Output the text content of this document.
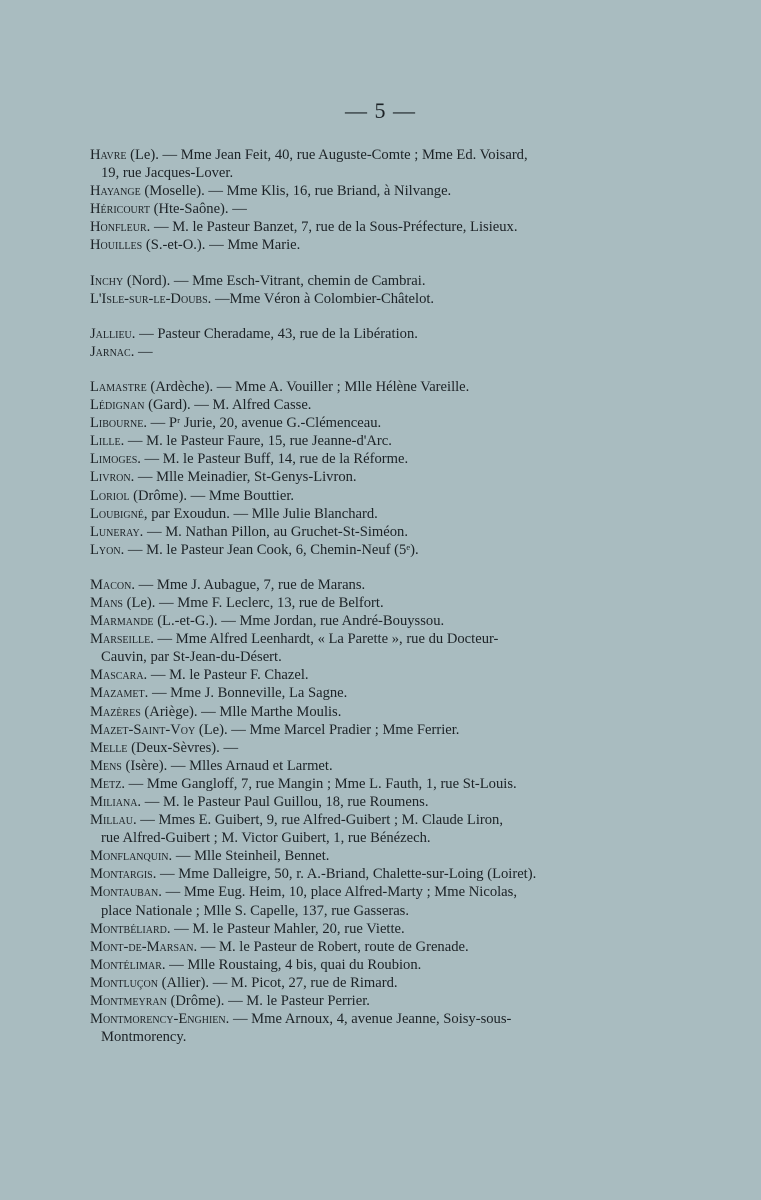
— 5 —
Havre (Le). — Mme Jean Feit, 40, rue Auguste-Comte ; Mme Ed. Voisard,
19, rue Jacques-Lover.
Hayange (Moselle). — Mme Klis, 16, rue Briand, à Nilvange.
Héricourt (Hte-Saône). —
Honfleur. — M. le Pasteur Banzet, 7, rue de la Sous-Préfecture, Lisieux.
Houilles (S.-et-O.). — Mme Marie.
Inchy (Nord). — Mme Esch-Vitrant, chemin de Cambrai.
L'Isle-sur-le-Doubs. —Mme Véron à Colombier-Châtelot.
Jallieu. — Pasteur Cheradame, 43, rue de la Libération.
Jarnac. —
Lamastre (Ardèche). — Mme A. Vouiller ; Mlle Hélène Vareille.
Lédignan (Gard). — M. Alfred Casse.
Libourne. — Pʳ Jurie, 20, avenue G.-Clémenceau.
Lille. — M. le Pasteur Faure, 15, rue Jeanne-d'Arc.
Limoges. — M. le Pasteur Buff, 14, rue de la Réforme.
Livron. — Mlle Meinadier, St-Genys-Livron.
Loriol (Drôme). — Mme Bouttier.
Loubigné, par Exoudun. — Mlle Julie Blanchard.
Luneray. — M. Nathan Pillon, au Gruchet-St-Siméon.
Lyon. — M. le Pasteur Jean Cook, 6, Chemin-Neuf (5ᵉ).
Macon. — Mme J. Aubague, 7, rue de Marans.
Mans (Le). — Mme F. Leclerc, 13, rue de Belfort.
Marmande (L.-et-G.). — Mme Jordan, rue André-Bouyssou.
Marseille. — Mme Alfred Leenhardt, « La Parette », rue du Docteur-
Cauvin, par St-Jean-du-Désert.
Mascara. — M. le Pasteur F. Chazel.
Mazamet. — Mme J. Bonneville, La Sagne.
Mazères (Ariège). — Mlle Marthe Moulis.
Mazet-Saint-Voy (Le). — Mme Marcel Pradier ; Mme Ferrier.
Melle (Deux-Sèvres). —
Mens (Isère). — Mlles Arnaud et Larmet.
Metz. — Mme Gangloff, 7, rue Mangin ; Mme L. Fauth, 1, rue St-Louis.
Miliana. — M. le Pasteur Paul Guillou, 18, rue Roumens.
Millau. — Mmes E. Guibert, 9, rue Alfred-Guibert ; M. Claude Liron,
rue Alfred-Guibert ; M. Victor Guibert, 1, rue Bénézech.
Monflanquin. — Mlle Steinheil, Bennet.
Montargis. — Mme Dalleigre, 50, r. A.-Briand, Chalette-sur-Loing (Loiret).
Montauban. — Mme Eug. Heim, 10, place Alfred-Marty ; Mme Nicolas,
place Nationale ; Mlle S. Capelle, 137, rue Gasseras.
Montbéliard. — M. le Pasteur Mahler, 20, rue Viette.
Mont-de-Marsan. — M. le Pasteur de Robert, route de Grenade.
Montélimar. — Mlle Roustaing, 4 bis, quai du Roubion.
Montluçon (Allier). — M. Picot, 27, rue de Rimard.
Montmeyran (Drôme). — M. le Pasteur Perrier.
Montmorency-Enghien. — Mme Arnoux, 4, avenue Jeanne, Soisy-sous-
Montmorency.
